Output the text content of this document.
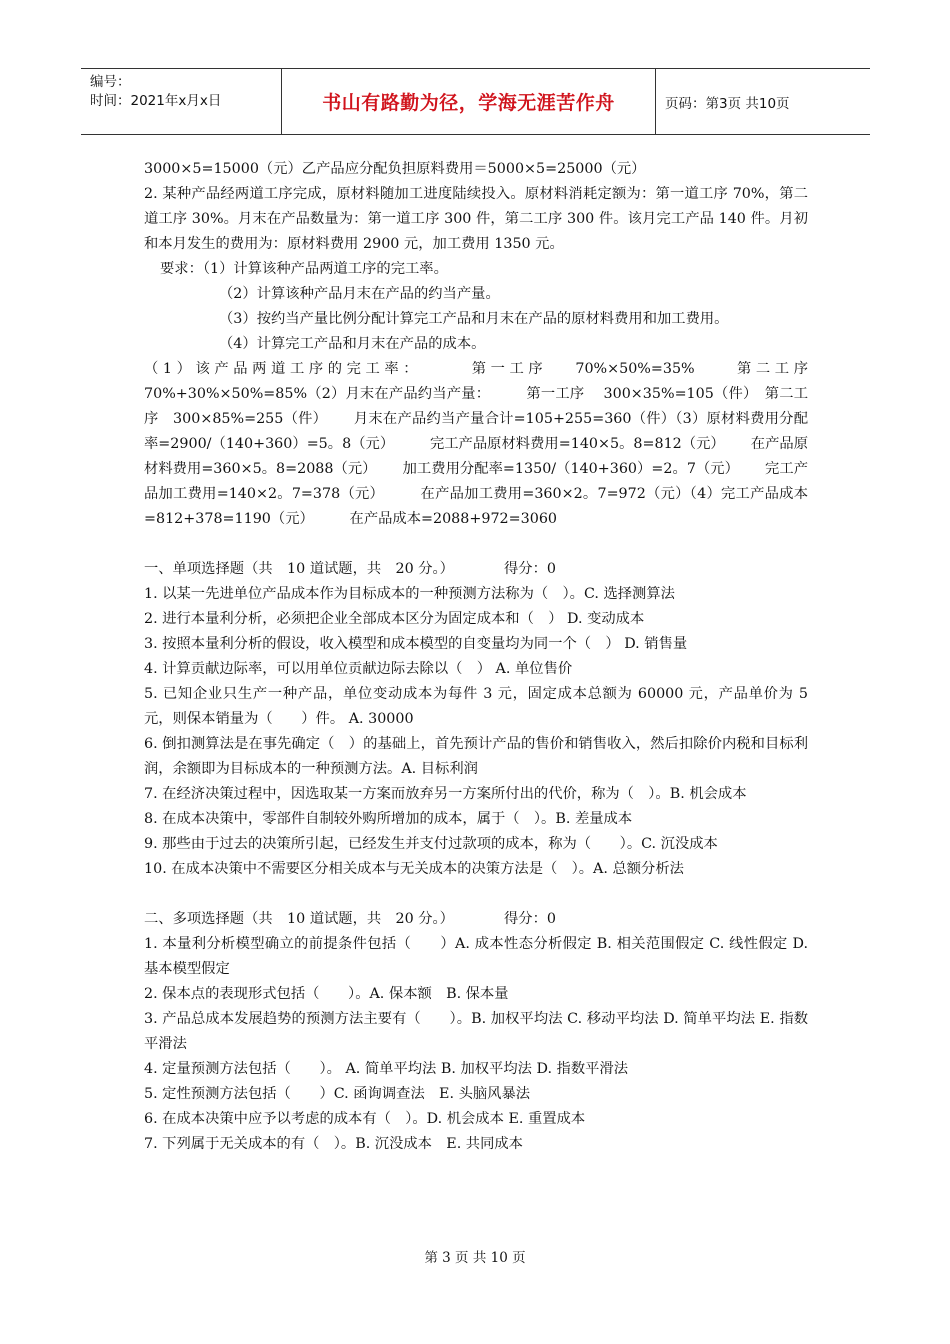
编号：
时间：2021年x月x日	书山有路勤为径，学海无涯苦作舟	页码：第3页 共10页

3000×5=15000（元）乙产品应分配负担原料费用＝5000×5=25000（元）

2. 某种产品经两道工序完成，原材料随加工进度陆续投入。原材料消耗定额为：第一道工序 70%，第二道工序 30%。月末在产品数量为：第一道工序 300 件，第二工序 300 件。该月完工产品 140 件。月初和本月发生的费用为：原材料费用 2900 元，加工费用 1350 元。

要求：（1）计算该种产品两道工序的完工率。

（2）计算该种产品月末在产品的约当产量。

（3）按约当产量比例分配计算完工产品和月末在产品的原材料费用和加工费用。

（4）计算完工产品和月末在产品的成本。

（1）该产品两道工序的完工率：　　　第一工序　 70%×50%=35%　　第二工序　70%+30%×50%=85%（2）月末在产品约当产量：　　　第一工序　 300×35%=105（件）　第二工序　300×85%=255（件）　　 月末在产品约当产量合计=105+255=360（件）（3）原材料费用分配率=2900/（140+360）=5。8（元）　　　完工产品原材料费用=140×5。8=812（元）　　 在产品原材料费用=360×5。8=2088（元）　　 加工费用分配率=1350/（140+360）=2。7（元）　　 完工产品加工费用=140×2。7=378（元）　　　在产品加工费用=360×2。7=972（元）（4）完工产品成本=812+378=1190（元）　　　在产品成本=2088+972=3060

一、单项选择题（共　10 道试题，共　20 分。）　　　　得分：0

1. 以某一先进单位产品成本作为目标成本的一种预测方法称为（　）。C. 选择测算法

2. 进行本量利分析，必须把企业全部成本区分为固定成本和（　） D. 变动成本

3. 按照本量利分析的假设，收入模型和成本模型的自变量均为同一个（　） D. 销售量

4. 计算贡献边际率，可以用单位贡献边际去除以（　） A. 单位售价

5. 已知企业只生产一种产品，单位变动成本为每件 3 元，固定成本总额为 60000 元，产品单价为 5 元，则保本销量为（　　）件。 A. 30000

6. 倒扣测算法是在事先确定（　）的基础上，首先预计产品的售价和销售收入，然后扣除价内税和目标利润，余额即为目标成本的一种预测方法。A. 目标利润

7. 在经济决策过程中，因选取某一方案而放弃另一方案所付出的代价，称为（　）。B. 机会成本

8. 在成本决策中，零部件自制较外购所增加的成本，属于（　）。B. 差量成本

9. 那些由于过去的决策所引起，已经发生并支付过款项的成本，称为（　　）。C. 沉没成本

10. 在成本决策中不需要区分相关成本与无关成本的决策方法是（　）。A. 总额分析法

二、多项选择题（共　10 道试题，共　20 分。）　　　　得分：0

1. 本量利分析模型确立的前提条件包括（　　）A. 成本性态分析假定 B. 相关范围假定 C. 线性假定 D. 基本模型假定

2. 保本点的表现形式包括（　　）。A. 保本额　B. 保本量

3. 产品总成本发展趋势的预测方法主要有（　　）。B. 加权平均法 C. 移动平均法 D. 简单平均法 E. 指数平滑法

4. 定量预测方法包括（　　）。 A. 简单平均法 B. 加权平均法 D. 指数平滑法

5. 定性预测方法包括（　　）C. 函询调查法　E. 头脑风暴法

6. 在成本决策中应予以考虑的成本有（　）。D. 机会成本 E. 重置成本

7. 下列属于无关成本的有（　）。B. 沉没成本　E. 共同成本

第 3 页 共 10 页
